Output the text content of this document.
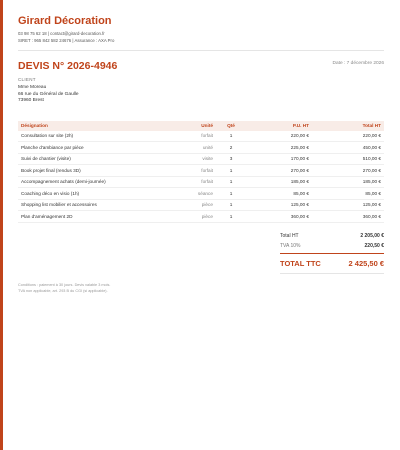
Girard Décoration
03 98 75 62 18 | contact@girard-decoration.fr
SIRET : 965 842 582 24676 | Assurance : AXA Pro
DEVIS N° 2026-4946	Date : 7 décembre 2026
CLIENT
Mme Moreau
66 rue du Général de Gaulle
73960 Brest
Désignation	Unité	Qté	P.U. HT	Total HT
Consultation sur site (2h)	forfait	1	220,00 €	220,00 €
Planche d'ambiance par pièce	unité	2	225,00 €	450,00 €
Suivi de chantier (visite)	visite	3	170,00 €	510,00 €
Book projet final (rendus 3D)	forfait	1	270,00 €	270,00 €
Accompagnement achats (demi-journée)	forfait	1	185,00 €	185,00 €
Coaching déco en visio (1h)	séance	1	85,00 €	85,00 €
Shopping list mobilier et accessoires	pièce	1	125,00 €	125,00 €
Plan d'aménagement 2D	pièce	1	360,00 €	360,00 €
Total HT	2 205,00 €
TVA 10%	220,50 €
TOTAL TTC	2 425,50 €
Conditions : paiement à 30 jours. Devis valable 3 mois.
TVA non applicable, art. 293 B du CGI (si applicable).
